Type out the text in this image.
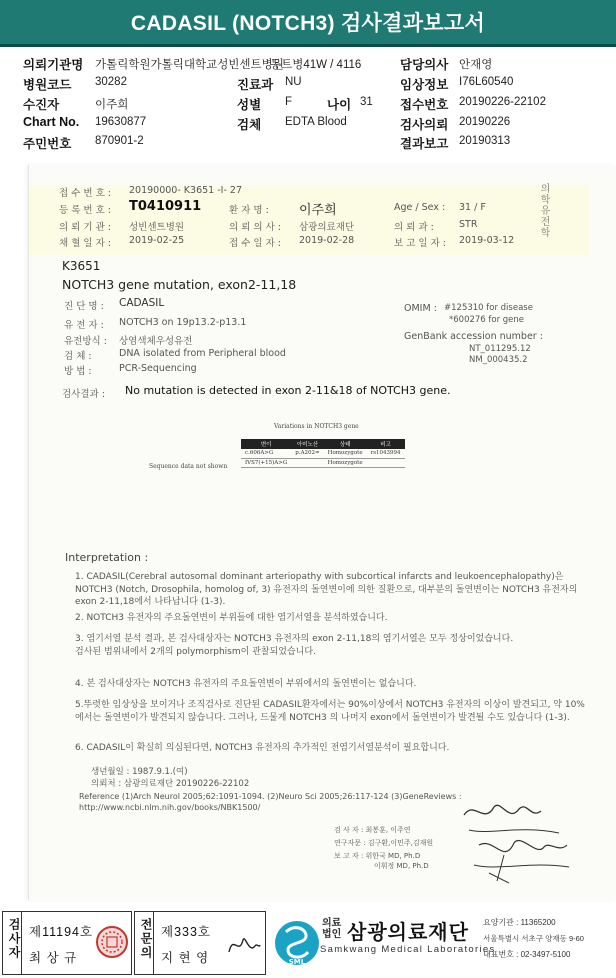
CADASIL (NOTCH3) 검사결과보고서
의뢰기관명 가톨릭학원가톨릭대학교성빈센트병원
동트병41W / 4116	담당의사 안재영
병원코드 30282	진료과 NU	임상정보 I76L60540
수진자	이주희	성별 F	나이 31 접수번호 20190226-22102
Chart No. 19630877	검체 EDTA Blood	검사의뢰 20190226
주민번호 870901-2	결과보고 20190313
접 수 번 호 : 20190000- K3651 -I- 27
등 록 번 호 : T0410911	환 자 명 : 이주희	Age / Sex : 31 / F
의 뢰 기 관 : 성빈센트병원	의 뢰 의 사 : 삼광의료재단	의 뢰 과 :	STR
채 혈 일 자 : 2019-02-25	접 수 일 자 : 2019-02-28	보 고 일 자 : 2019-03-12
의학유전학
K3651
NOTCH3 gene mutation, exon2-11,18
진 단 명 : CADASIL
유 전 자 : NOTCH3 on 19p13.2-p13.1
유전방식 : 상염색체우성유전
검 체 :	DNA isolated from Peripheral blood
방 법 :	PCR-Sequencing
OMIM : #125310 for disease
*600276 for gene
GenBank accession number :
NT_011295.12
NM_000435.2
검사결과 : No mutation is detected in exon 2-11&18 of NOTCH3 gene.
Variations in NOTCH3 gene
변이	아미노산	상태	비고
c.606A>G	p.A202=	Homozygote	rs1043994
IVS7(+15)A>G		Homozygote	
Sequence data not shown
Interpretation :
1. CADASIL(Cerebral autosomal dominant arteriopathy with subcortical infarcts and leukoencephalopathy)은 NOTCH3 (Notch, Drosophila, homolog of, 3) 유전자의 돌연변이에 의한 질환으로, 대부분의 돌연변이는 NOTCH3 유전자의 exon 2-11,18에서 나타납니다 (1-3).
2. NOTCH3 유전자의 주요돌연변이 부위들에 대한 염기서열을 분석하였습니다.
3. 염기서열 분석 결과, 본 검사대상자는 NOTCH3 유전자의 exon 2-11,18의 염기서열은 모두 정상이었습니다.
검사된 범위내에서 2개의 polymorphism이 관찰되었습니다.
4. 본 검사대상자는 NOTCH3 유전자의 주요돌연변이 부위에서의 돌연변이는 없습니다.
5.뚜렷한 임상상을 보이거나 조직검사로 진단된 CADASIL환자에서는 90%이상에서 NOTCH3 유전자의 이상이 발견되고, 약 10%에서는 돌연변이가 발견되지 않습니다. 그러나, 드물게 NOTCH3 의 나머지 exon에서 돌연변이가 발견될 수도 있습니다 (1-3).
6. CADASIL이 확실히 의심된다면, NOTCH3 유전자의 추가적인 전염기서열분석이 필요합니다.
생년월일 : 1987.9.1.(여)
의뢰처 : 삼광의료재단 20190226-22102
Reference (1)Arch Neurol 2005;62:1091-1094. (2)Neuro Sci 2005;26:117-124 (3)GeneReviews : http://www.ncbi.nlm.nih.gov/books/NBK1500/
검 사 자 : 최봉훈, 이주연
연구자문 : 김구환,이민주,김재원
보 고 자 : 위한국 MD, Ph.D
이휘정 MD, Ph.D
검사자 제11194호
최 상 규	전문의 제333호
지 현 영	SML
의료법인 삼광의료재단
Samkwang Medical Laboratories
요양기관 : 11365200
서울특별시 서초구 양재동 9-60
대표번호 : 02-3497-5100
